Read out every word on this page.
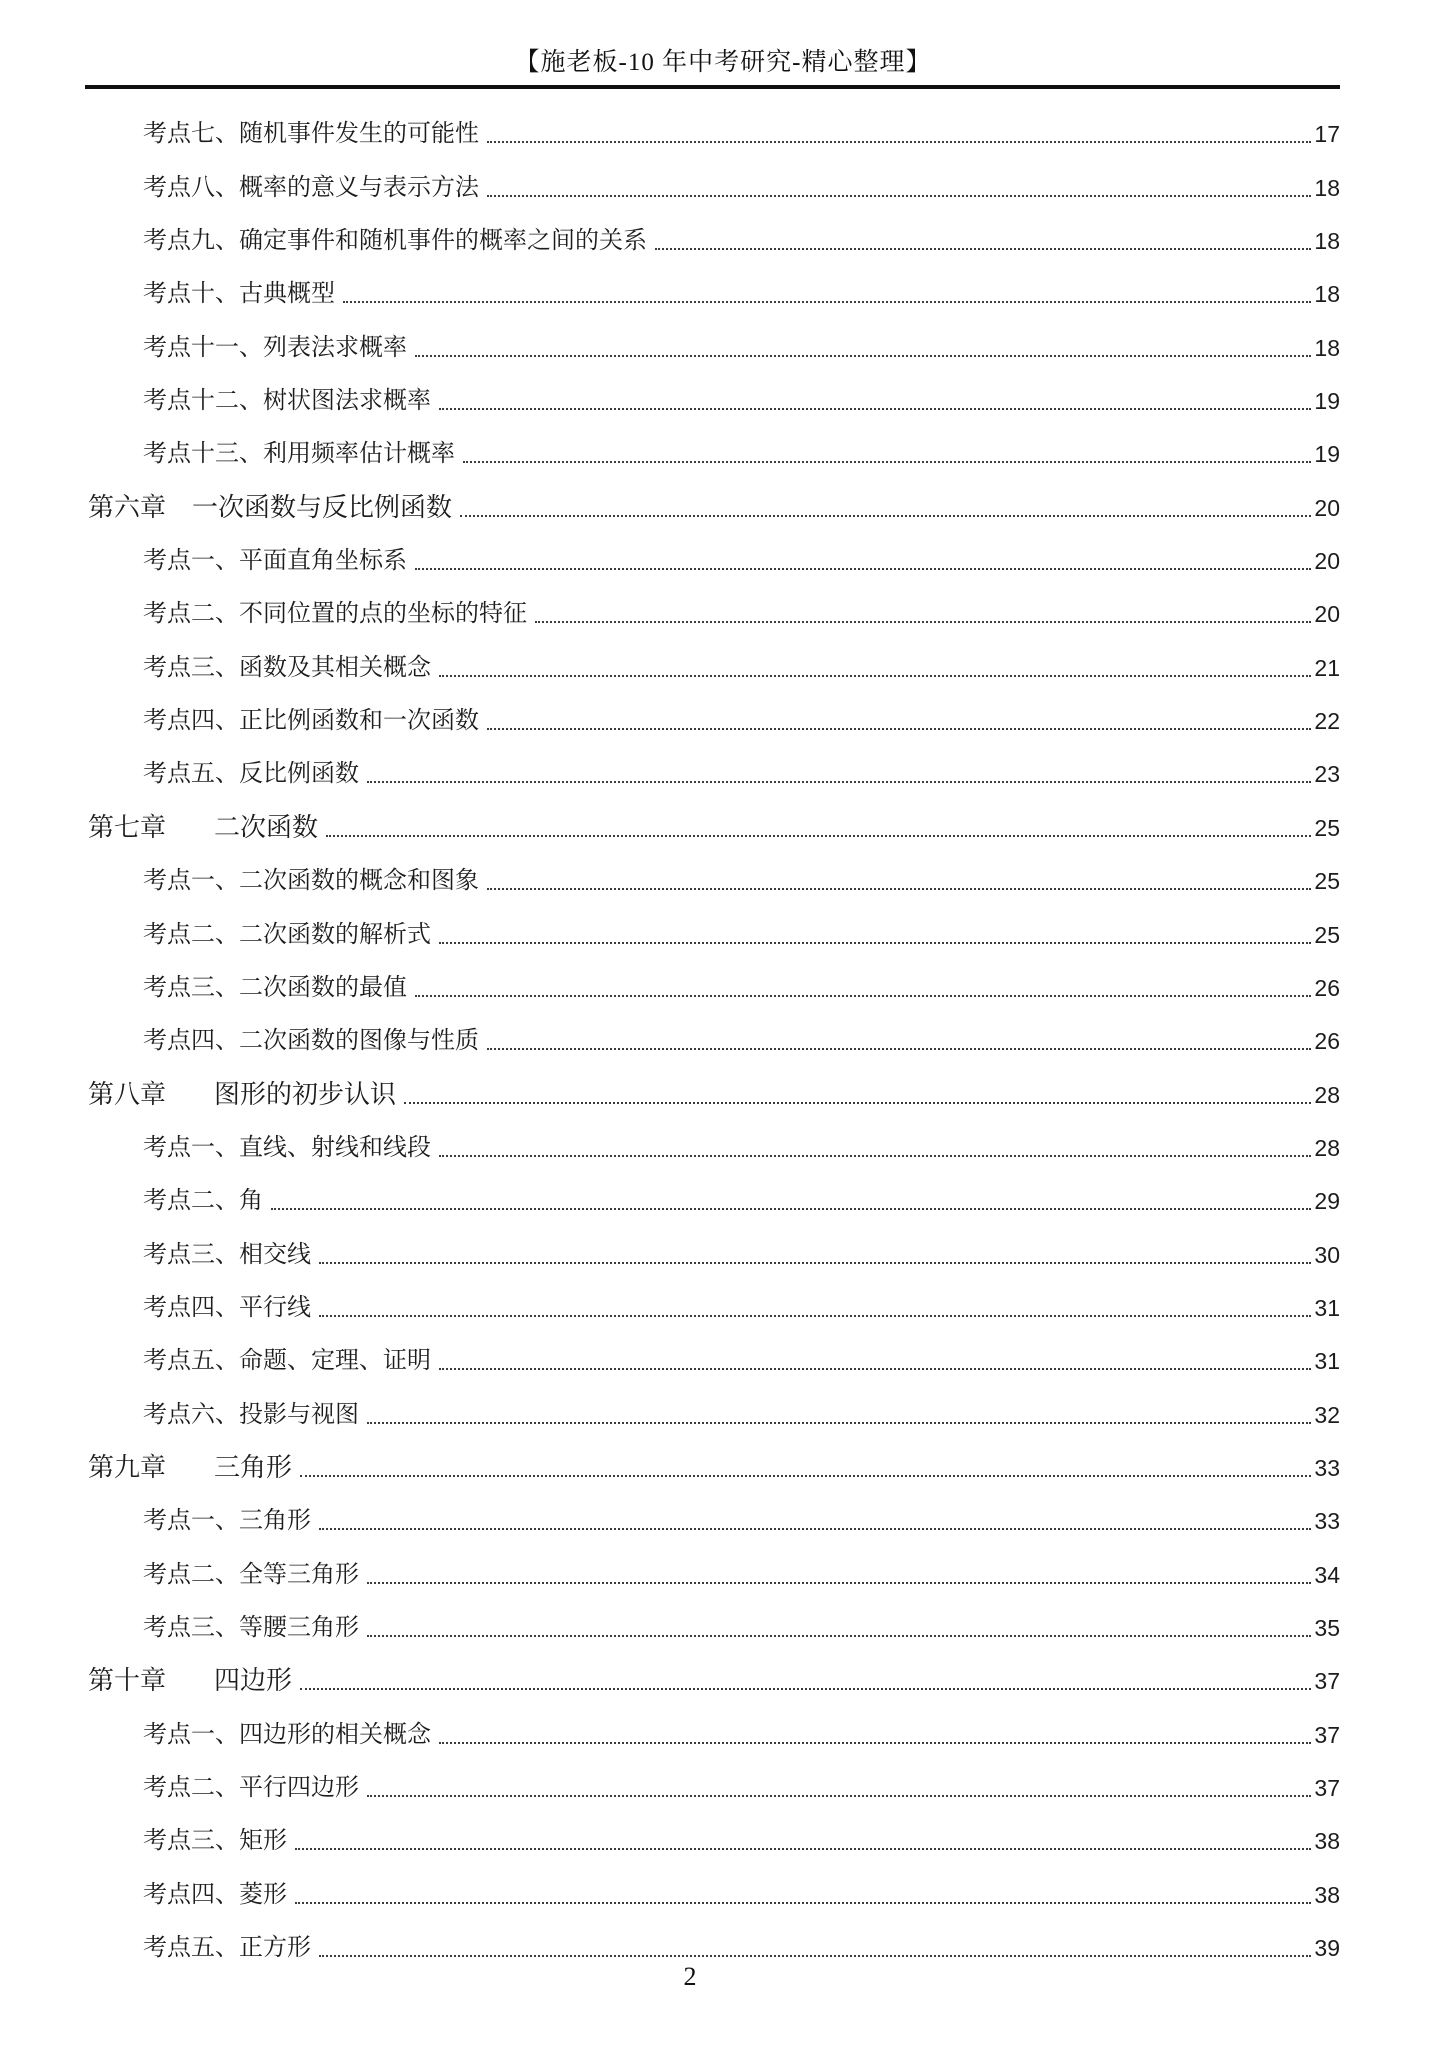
【施老板-10 年中考研究-精心整理】
考点七、随机事件发生的可能性	17
考点八、概率的意义与表示方法	18
考点九、确定事件和随机事件的概率之间的关系	18
考点十、古典概型	18
考点十一、列表法求概率	18
考点十二、树状图法求概率	19
考点十三、利用频率估计概率	19
第六章 一次函数与反比例函数	20
考点一、平面直角坐标系	20
考点二、不同位置的点的坐标的特征	20
考点三、函数及其相关概念	21
考点四、正比例函数和一次函数	22
考点五、反比例函数	23
第七章 二次函数	25
考点一、二次函数的概念和图象	25
考点二、二次函数的解析式	25
考点三、二次函数的最值	26
考点四、二次函数的图像与性质	26
第八章 图形的初步认识	28
考点一、直线、射线和线段	28
考点二、角	29
考点三、相交线	30
考点四、平行线	31
考点五、命题、定理、证明	31
考点六、投影与视图	32
第九章 三角形	33
考点一、三角形	33
考点二、全等三角形	34
考点三、等腰三角形	35
第十章 四边形	37
考点一、四边形的相关概念	37
考点二、平行四边形	37
考点三、矩形	38
考点四、菱形	38
考点五、正方形	39
2
